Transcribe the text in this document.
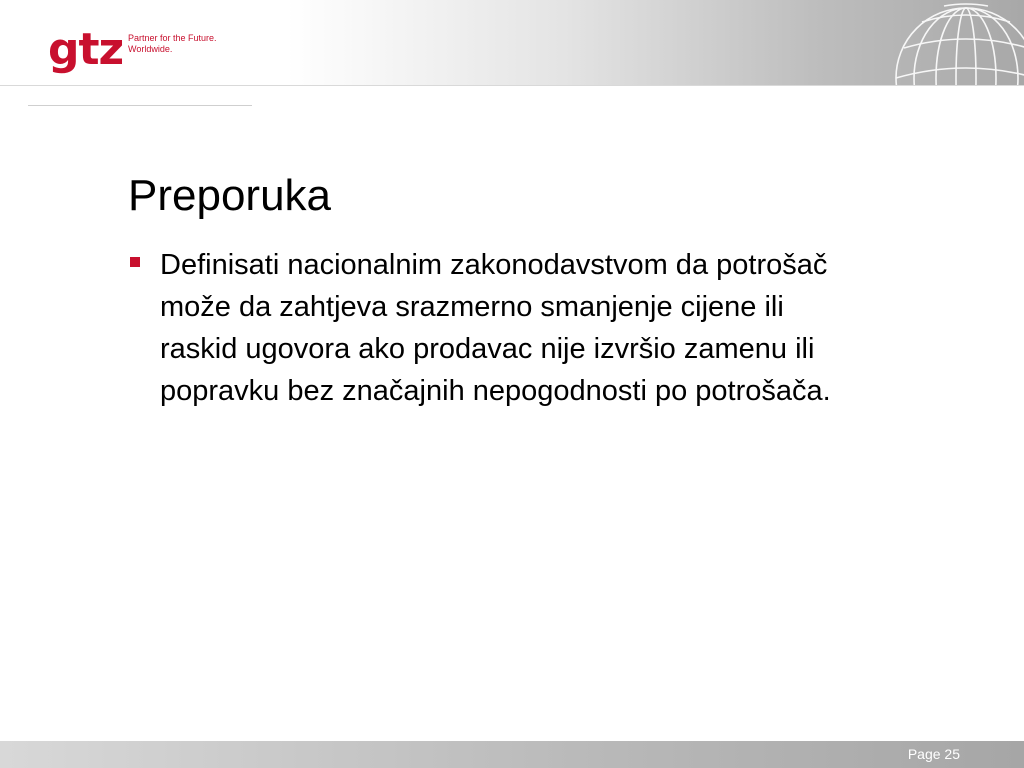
gtz Partner for the Future.
Worldwide.
Preporuka
Definisati nacionalnim zakonodavstvom da potrošač može da zahtjeva srazmerno smanjenje cijene ili raskid ugovora ako prodavac nije izvršio zamenu ili popravku bez značajnih nepogodnosti po potrošača.
Page 25
